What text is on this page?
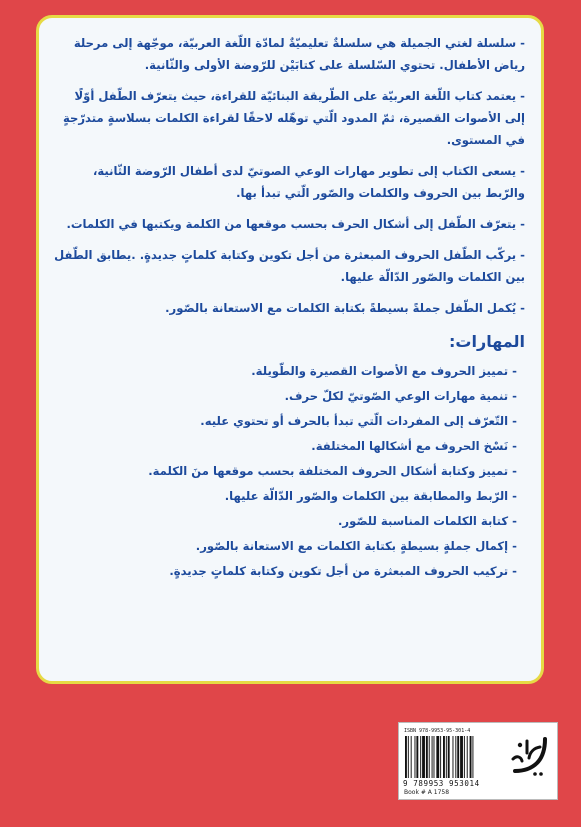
- سلسلة لغتي الجميلة هي سلسلةٌ تعليميّةٌ لمادّة اللّغة العربيّة، موجّهة إلى مرحلة رياض الأطفال. تحتوي السّلسلة على كتابَيْن للرّوضة الأولى والثّانية.

- يعتمد كتاب اللّغة العربيّة على الطّريقة البنائيّة للقراءة، حيث يتعرّف الطّفل أوّلًا إلى الأصوات القصيرة، ثمّ المدود الّتي توهّله لاحقًا لقراءة الكلمات بسلاسةٍ متدرّجةٍ في المستوى.

- يسعى الكتاب إلى تطوير مهارات الوعي الصوتيّ لدى أطفال الرّوضة الثّانية، والرّبط بين الحروف والكلمات والصّور الّتي تبدأ بها.

- يتعرّف الطّفل إلى أشكال الحرف بحسب موقعها من الكلمة ويكتبها في الكلمات.

- يركّب الطّفل الحروف المبعثرة من أجل تكوين وكتابة كلماتٍ جديدةٍ. .يطابق الطّفل بين الكلمات والصّور الدّالّة عليها.

- يُكمل الطّفل جملةً بسيطةً بكتابة الكلمات مع الاستعانة بالصّور.

المهارات:
- تمييز الحروف مع الأصوات القصيرة والطّويلة.
- تنمية مهارات الوعي الصّوتيّ لكلّ حرف.
- التّعرّف إلى المفردات الّتي تبدأ بالحرف أو تحتوي عليه.
- نَسْخ الحروف مع أشكالها المختلفة.
- تمييز وكتابة أشكال الحروف المختلفة بحسب موقعها منَ الكلمة.
- الرّبط والمطابقة بين الكلمات والصّور الدّالّة عليها.
- كتابة الكلمات المناسبة للصّور.
- إكمال جملةٍ بسيطةٍ بكتابة الكلمات مع الاستعانة بالصّور.
- تركيب الحروف المبعثرة من أجل تكوين وكتابة كلماتٍ جديدةٍ.
ISBN 978-9953-95-301-4
9 789953 953014
Book # A 1758
